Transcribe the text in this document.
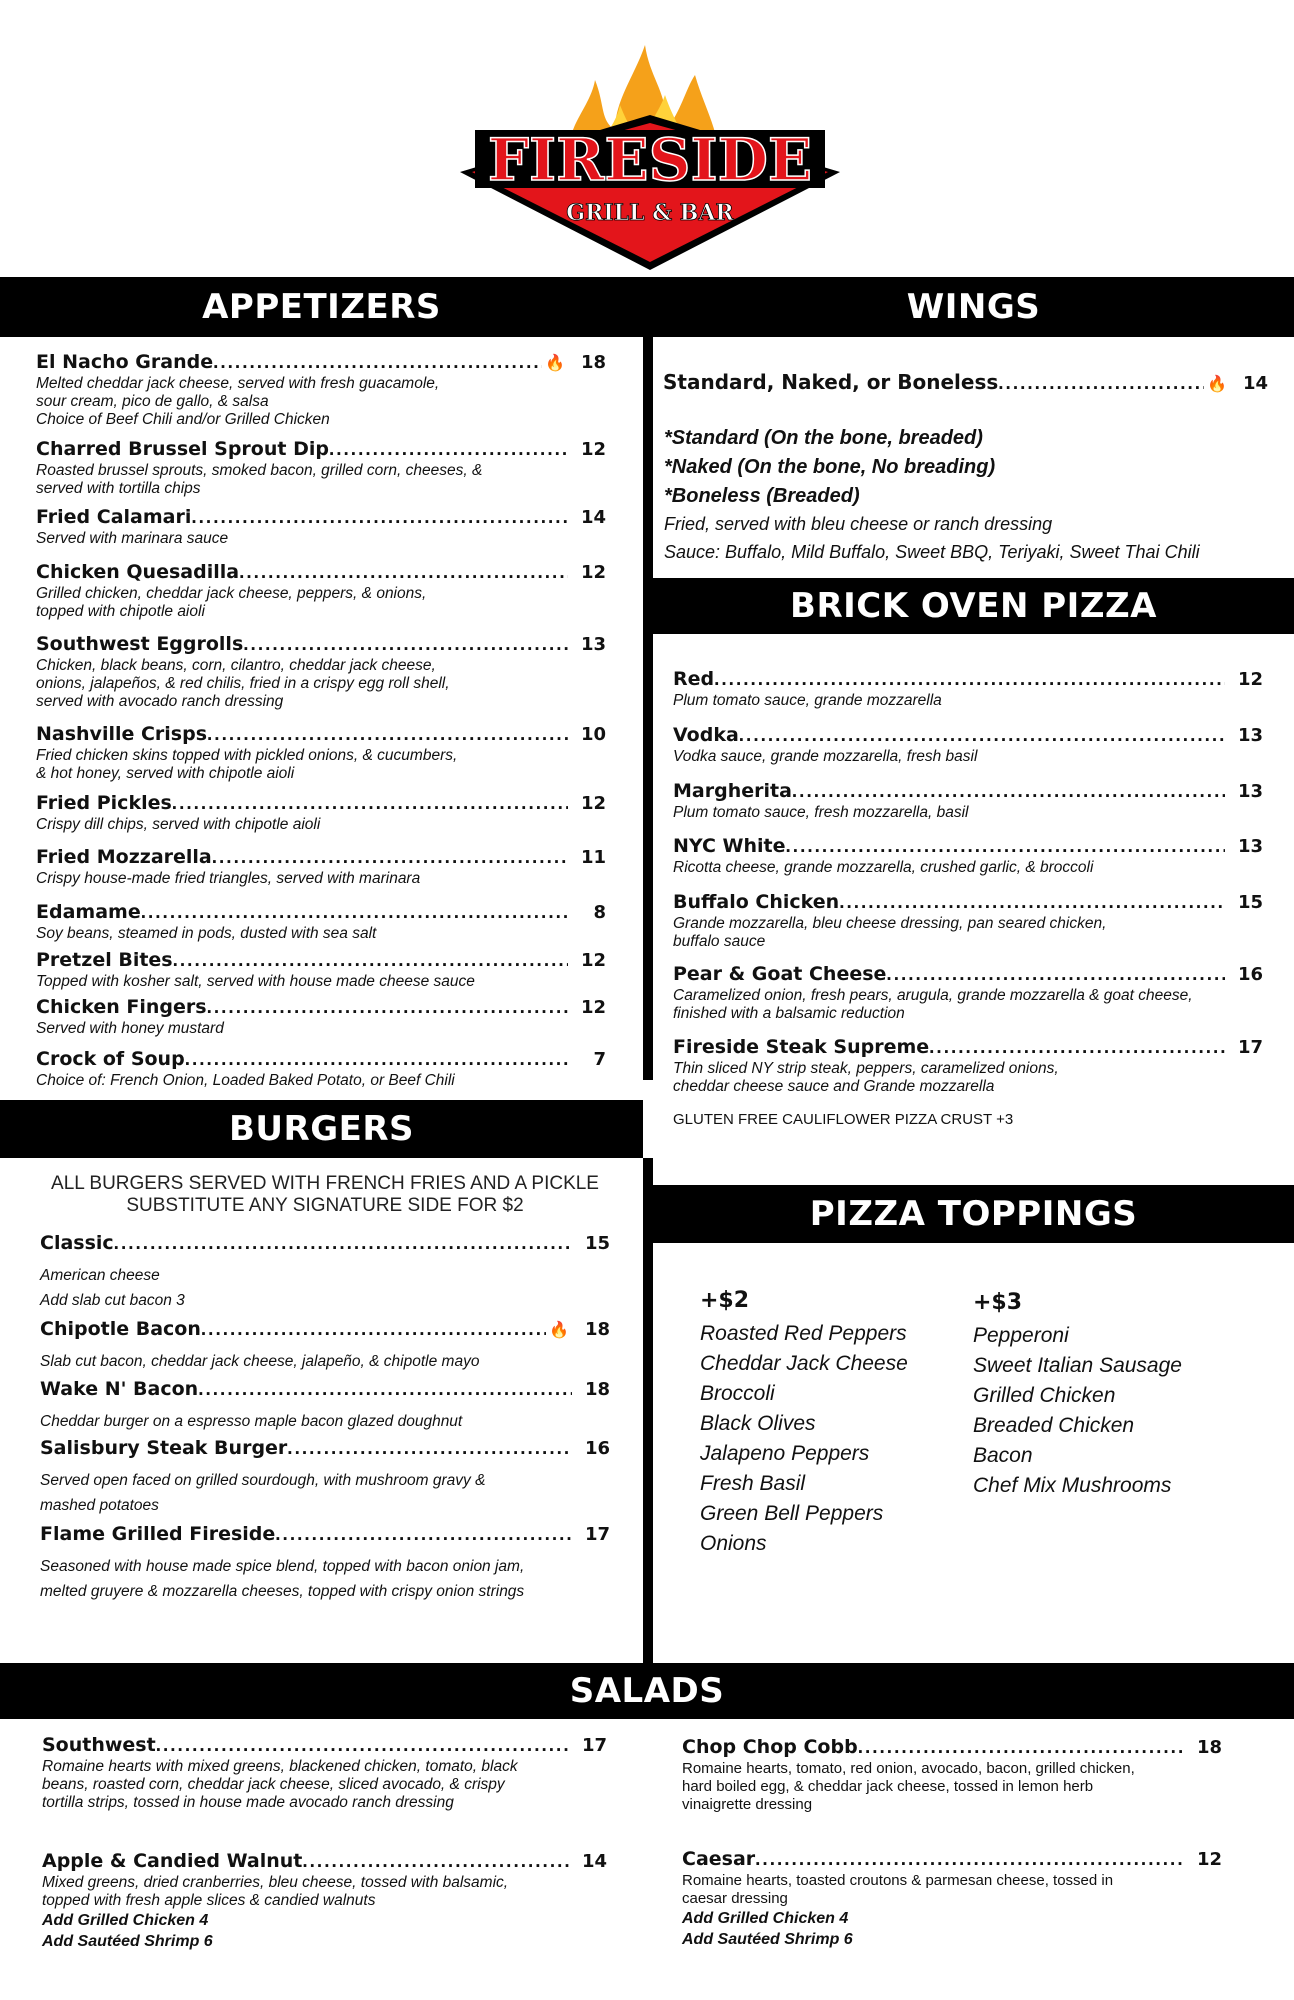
FIRESIDE
GRILL & BAR
APPETIZERS
El Nacho Grande .....	🔥 18
Melted cheddar jack cheese, served with fresh guacamole,
sour cream, pico de gallo, & salsa
Choice of Beef Chili and/or Grilled Chicken
Charred Brussel Sprout Dip .....	12
Roasted brussel sprouts, smoked bacon, grilled corn, cheeses, &
served with tortilla chips
Fried Calamari .....	14
Served with marinara sauce
Chicken Quesadilla .....	12
Grilled chicken, cheddar jack cheese, peppers, & onions,
topped with chipotle aioli
Southwest Eggrolls .....	13
Chicken, black beans, corn, cilantro, cheddar jack cheese,
onions, jalapeños, & red chilis, fried in a crispy egg roll shell,
served with avocado ranch dressing
Nashville Crisps .....	10
Fried chicken skins topped with pickled onions, & cucumbers,
& hot honey, served with chipotle aioli
Fried Pickles .....	12
Crispy dill chips, served with chipotle aioli
Fried Mozzarella .....	11
Crispy house-made fried triangles, served with marinara
Edamame .....	8
Soy beans, steamed in pods, dusted with sea salt
Pretzel Bites .....	12
Topped with kosher salt, served with house made cheese sauce
Chicken Fingers .....	12
Served with honey mustard
Crock of Soup .....	7
Choice of: French Onion, Loaded Baked Potato, or Beef Chili
WINGS
Standard, Naked, or Boneless .....	🔥 14
*Standard (On the bone, breaded)
*Naked (On the bone, No breading)
*Boneless (Breaded)
Fried, served with bleu cheese or ranch dressing
Sauce: Buffalo, Mild Buffalo, Sweet BBQ, Teriyaki, Sweet Thai Chili
BRICK OVEN PIZZA
Red .....	12
Plum tomato sauce, grande mozzarella
Vodka .....	13
Vodka sauce, grande mozzarella, fresh basil
Margherita .....	13
Plum tomato sauce, fresh mozzarella, basil
NYC White .....	13
Ricotta cheese, grande mozzarella, crushed garlic, & broccoli
Buffalo Chicken .....	15
Grande mozzarella, bleu cheese dressing, pan seared chicken,
buffalo sauce
Pear & Goat Cheese .....	16
Caramelized onion, fresh pears, arugula, grande mozzarella & goat cheese,
finished with a balsamic reduction
Fireside Steak Supreme .....	17
Thin sliced NY strip steak, peppers, caramelized onions,
cheddar cheese sauce and Grande mozzarella
GLUTEN FREE CAULIFLOWER PIZZA CRUST +3
BURGERS
ALL BURGERS SERVED WITH FRENCH FRIES AND A PICKLE
SUBSTITUTE ANY SIGNATURE SIDE FOR $2
Classic .....	15
American cheese
Add slab cut bacon 3
Chipotle Bacon .....	🔥 18
Slab cut bacon, cheddar jack cheese, jalapeño, & chipotle mayo
Wake N' Bacon .....	18
Cheddar burger on a espresso maple bacon glazed doughnut
Salisbury Steak Burger .....	16
Served open faced on grilled sourdough, with mushroom gravy &
mashed potatoes
Flame Grilled Fireside .....	17
Seasoned with house made spice blend, topped with bacon onion jam,
melted gruyere & mozzarella cheeses, topped with crispy onion strings
PIZZA TOPPINGS
+$2
Roasted Red Peppers
Cheddar Jack Cheese
Broccoli
Black Olives
Jalapeno Peppers
Fresh Basil
Green Bell Peppers
Onions
+$3
Pepperoni
Sweet Italian Sausage
Grilled Chicken
Breaded Chicken
Bacon
Chef Mix Mushrooms
SALADS
Southwest .....	17
Romaine hearts with mixed greens, blackened chicken, tomato, black
beans, roasted corn, cheddar jack cheese, sliced avocado, & crispy
tortilla strips, tossed in house made avocado ranch dressing
Apple & Candied Walnut .....	14
Mixed greens, dried cranberries, bleu cheese, tossed with balsamic,
topped with fresh apple slices & candied walnuts
Add Grilled Chicken 4
Add Sautéed Shrimp 6
Chop Chop Cobb .....	18
Romaine hearts, tomato, red onion, avocado, bacon, grilled chicken,
hard boiled egg, & cheddar jack cheese, tossed in lemon herb
vinaigrette dressing
Caesar .....	12
Romaine hearts, toasted croutons & parmesan cheese, tossed in
caesar dressing
Add Grilled Chicken 4
Add Sautéed Shrimp 6
